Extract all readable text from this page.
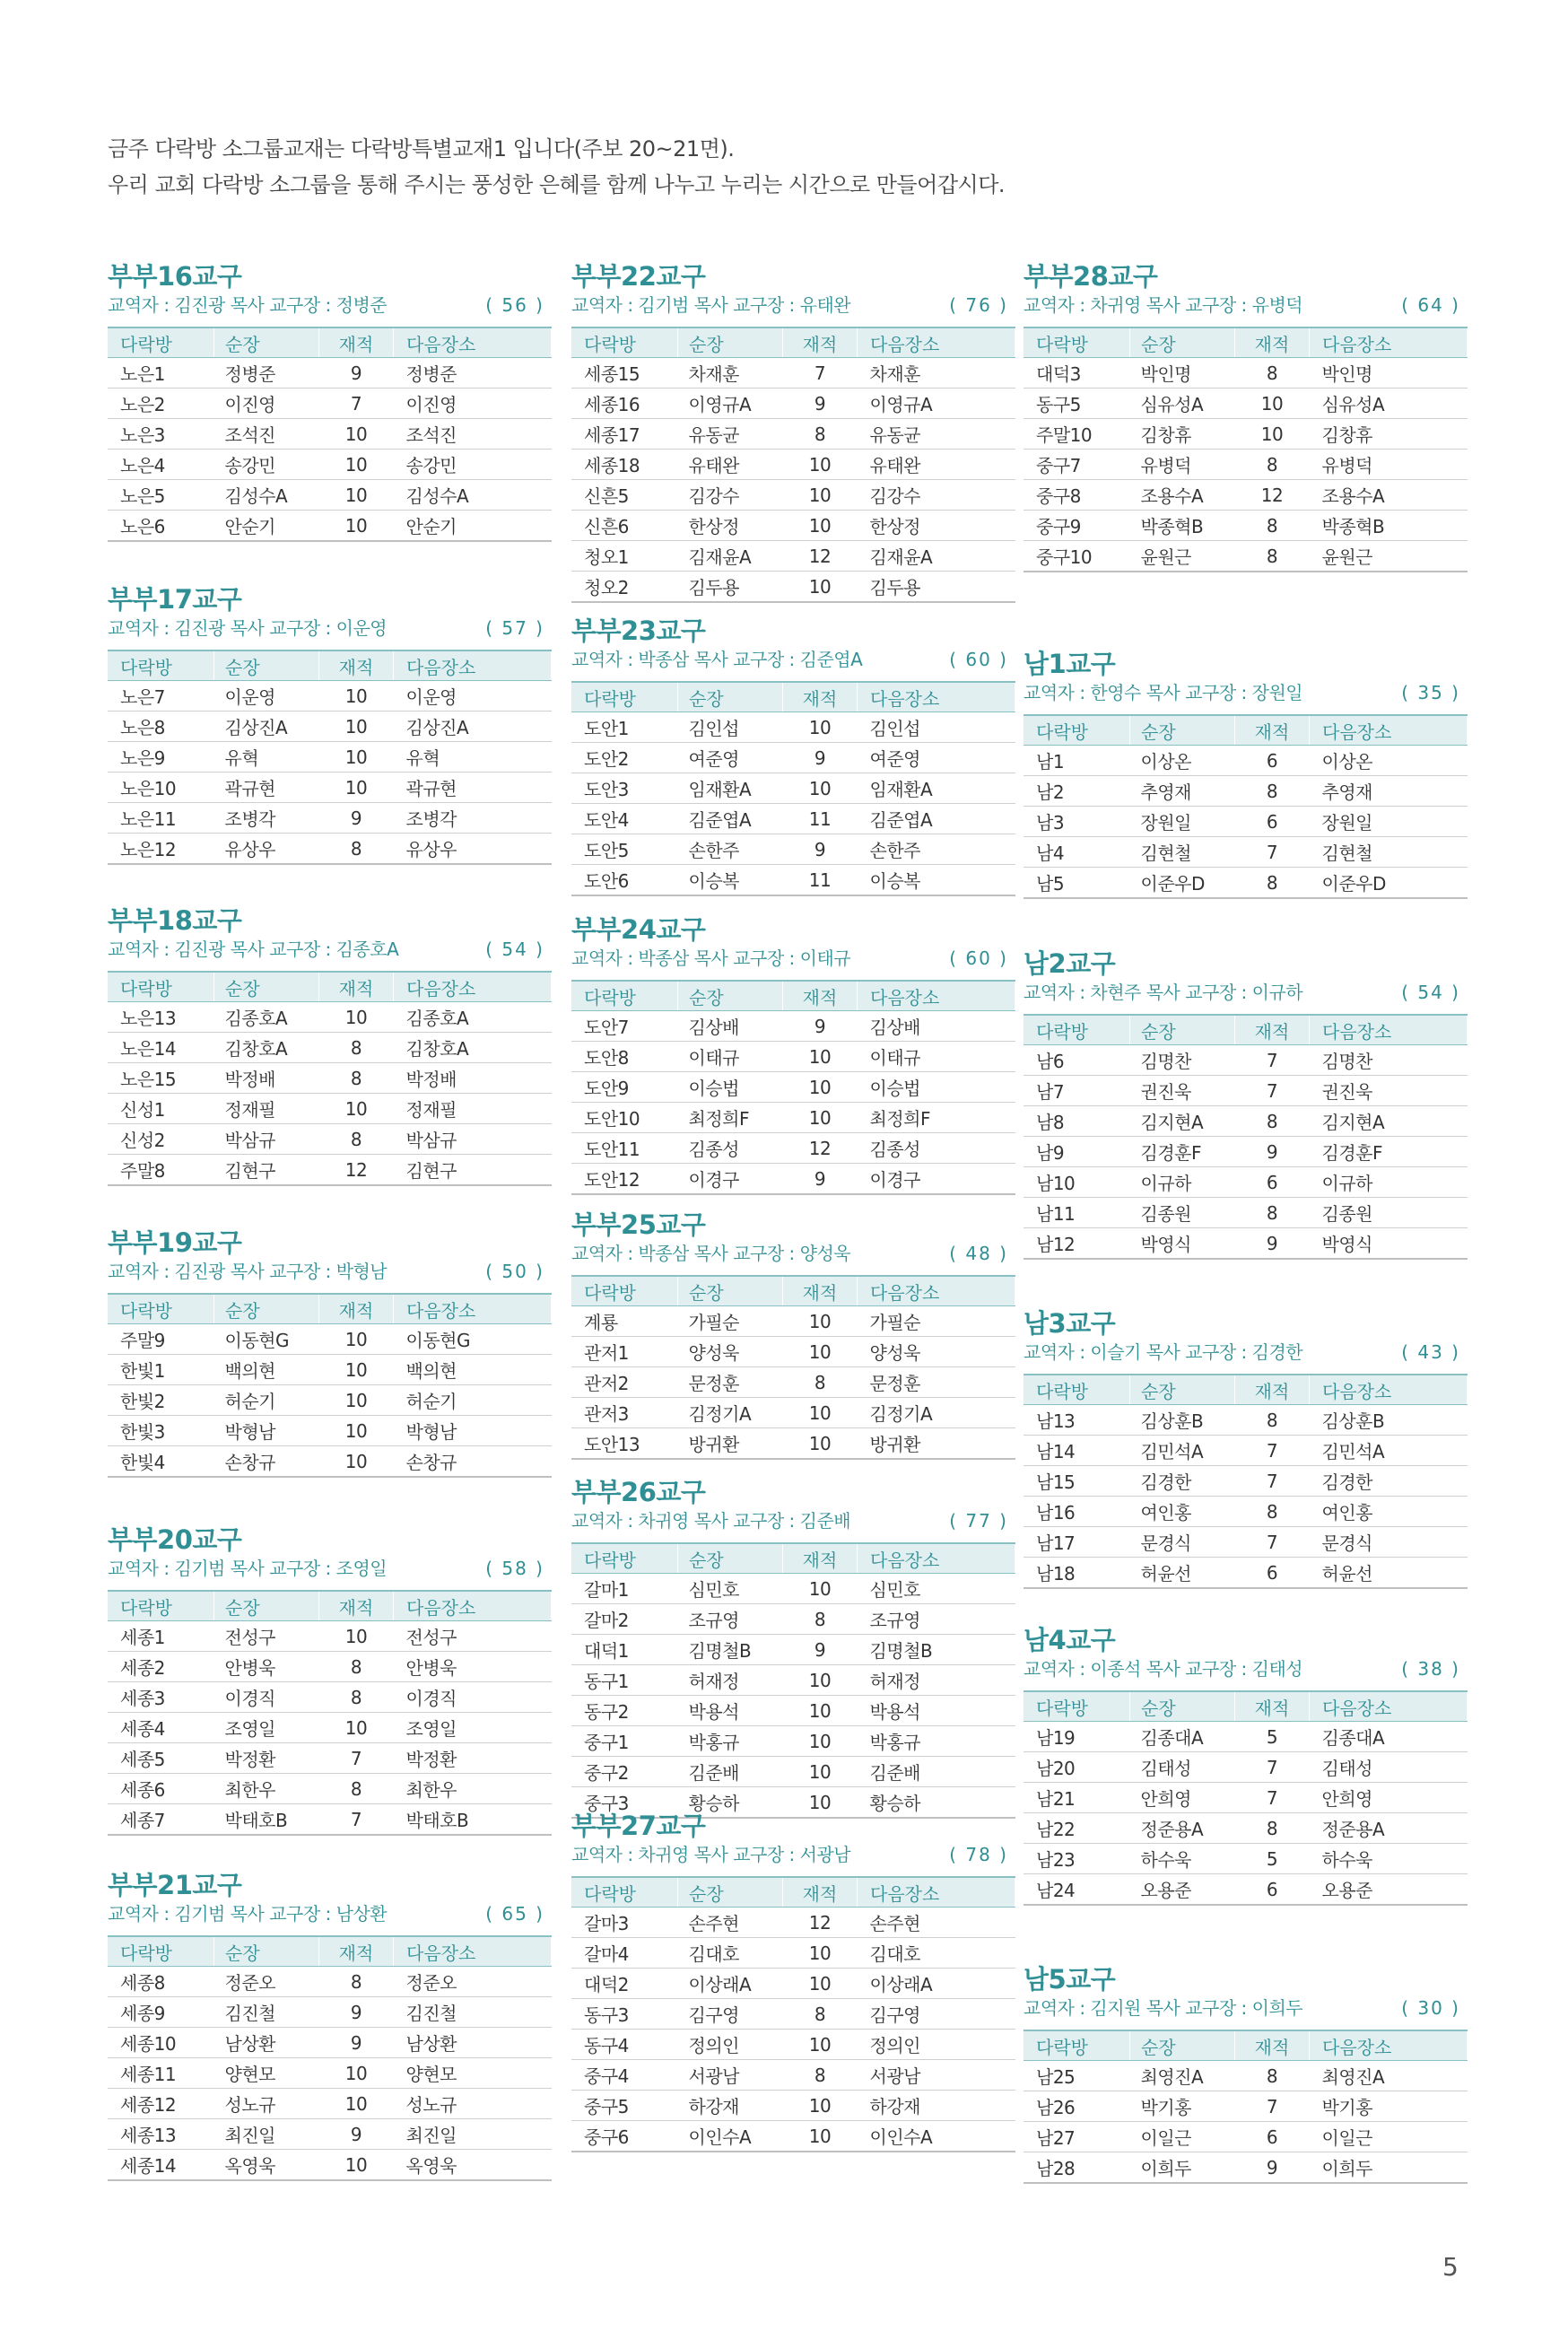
금주 다락방 소그룹교재는 다락방특별교재1 입니다(주보 20~21면).

우리 교회 다락방 소그룹을 통해 주시는 풍성한 은혜를 함께 나누고 누리는 시간으로 만들어갑시다.

부부16교구
교역자 : 김진광 목사 교구장 : 정병준	( 56 )
다락방	순장	재적	다음장소
노은1	정병준	9	정병준
노은2	이진영	7	이진영
노은3	조석진	10	조석진
노은4	송강민	10	송강민
노은5	김성수A	10	김성수A
노은6	안순기	10	안순기
부부17교구
교역자 : 김진광 목사 교구장 : 이운영	( 57 )
다락방	순장	재적	다음장소
노은7	이운영	10	이운영
노은8	김상진A	10	김상진A
노은9	유혁	10	유혁
노은10	곽규현	10	곽규현
노은11	조병각	9	조병각
노은12	유상우	8	유상우
부부18교구
교역자 : 김진광 목사 교구장 : 김종호A	( 54 )
다락방	순장	재적	다음장소
노은13	김종호A	10	김종호A
노은14	김창호A	8	김창호A
노은15	박정배	8	박정배
신성1	정재필	10	정재필
신성2	박삼규	8	박삼규
주말8	김현구	12	김현구
부부19교구
교역자 : 김진광 목사 교구장 : 박형남	( 50 )
다락방	순장	재적	다음장소
주말9	이동현G	10	이동현G
한빛1	백의현	10	백의현
한빛2	허순기	10	허순기
한빛3	박형남	10	박형남
한빛4	손창규	10	손창규
부부20교구
교역자 : 김기범 목사 교구장 : 조영일	( 58 )
다락방	순장	재적	다음장소
세종1	전성구	10	전성구
세종2	안병욱	8	안병욱
세종3	이경직	8	이경직
세종4	조영일	10	조영일
세종5	박정환	7	박정환
세종6	최한우	8	최한우
세종7	박태호B	7	박태호B
부부21교구
교역자 : 김기범 목사 교구장 : 남상환	( 65 )
다락방	순장	재적	다음장소
세종8	정준오	8	정준오
세종9	김진철	9	김진철
세종10	남상환	9	남상환
세종11	양현모	10	양현모
세종12	성노규	10	성노규
세종13	최진일	9	최진일
세종14	옥영욱	10	옥영욱
부부22교구
교역자 : 김기범 목사 교구장 : 유태완	( 76 )
다락방	순장	재적	다음장소
세종15	차재훈	7	차재훈
세종16	이영규A	9	이영규A
세종17	유동균	8	유동균
세종18	유태완	10	유태완
신흔5	김강수	10	김강수
신흔6	한상정	10	한상정
청오1	김재윤A	12	김재윤A
청오2	김두용	10	김두용
부부23교구
교역자 : 박종삼 목사 교구장 : 김준엽A	( 60 )
다락방	순장	재적	다음장소
도안1	김인섭	10	김인섭
도안2	여준영	9	여준영
도안3	임재환A	10	임재환A
도안4	김준엽A	11	김준엽A
도안5	손한주	9	손한주
도안6	이승복	11	이승복
부부24교구
교역자 : 박종삼 목사 교구장 : 이태규	( 60 )
다락방	순장	재적	다음장소
도안7	김상배	9	김상배
도안8	이태규	10	이태규
도안9	이승법	10	이승법
도안10	최정희F	10	최정희F
도안11	김종성	12	김종성
도안12	이경구	9	이경구
부부25교구
교역자 : 박종삼 목사 교구장 : 양성욱	( 48 )
다락방	순장	재적	다음장소
계룡	가필순	10	가필순
관저1	양성욱	10	양성욱
관저2	문정훈	8	문정훈
관저3	김정기A	10	김정기A
도안13	방귀환	10	방귀환
부부26교구
교역자 : 차귀영 목사 교구장 : 김준배	( 77 )
다락방	순장	재적	다음장소
갈마1	심민호	10	심민호
갈마2	조규영	8	조규영
대덕1	김명철B	9	김명철B
동구1	허재정	10	허재정
동구2	박용석	10	박용석
중구1	박홍규	10	박홍규
중구2	김준배	10	김준배
중구3	황승하	10	황승하
부부27교구
교역자 : 차귀영 목사 교구장 : 서광남	( 78 )
다락방	순장	재적	다음장소
갈마3	손주현	12	손주현
갈마4	김대호	10	김대호
대덕2	이상래A	10	이상래A
동구3	김구영	8	김구영
동구4	정의인	10	정의인
중구4	서광남	8	서광남
중구5	하강재	10	하강재
중구6	이인수A	10	이인수A
부부28교구
교역자 : 차귀영 목사 교구장 : 유병덕	( 64 )
다락방	순장	재적	다음장소
대덕3	박인명	8	박인명
동구5	심유성A	10	심유성A
주말10	김창휴	10	김창휴
중구7	유병덕	8	유병덕
중구8	조용수A	12	조용수A
중구9	박종혁B	8	박종혁B
중구10	윤원근	8	윤원근
남1교구
교역자 : 한영수 목사 교구장 : 장원일	( 35 )
다락방	순장	재적	다음장소
남1	이상온	6	이상온
남2	추영재	8	추영재
남3	장원일	6	장원일
남4	김현철	7	김현철
남5	이준우D	8	이준우D
남2교구
교역자 : 차현주 목사 교구장 : 이규하	( 54 )
다락방	순장	재적	다음장소
남6	김명찬	7	김명찬
남7	권진욱	7	권진욱
남8	김지현A	8	김지현A
남9	김경훈F	9	김경훈F
남10	이규하	6	이규하
남11	김종원	8	김종원
남12	박영식	9	박영식
남3교구
교역자 : 이슬기 목사 교구장 : 김경한	( 43 )
다락방	순장	재적	다음장소
남13	김상훈B	8	김상훈B
남14	김민석A	7	김민석A
남15	김경한	7	김경한
남16	여인홍	8	여인홍
남17	문경식	7	문경식
남18	허윤선	6	허윤선
남4교구
교역자 : 이종석 목사 교구장 : 김태성	( 38 )
다락방	순장	재적	다음장소
남19	김종대A	5	김종대A
남20	김태성	7	김태성
남21	안희영	7	안희영
남22	정준용A	8	정준용A
남23	하수욱	5	하수욱
남24	오용준	6	오용준
남5교구
교역자 : 김지원 목사 교구장 : 이희두	( 30 )
다락방	순장	재적	다음장소
남25	최영진A	8	최영진A
남26	박기홍	7	박기홍
남27	이일근	6	이일근
남28	이희두	9	이희두
5
